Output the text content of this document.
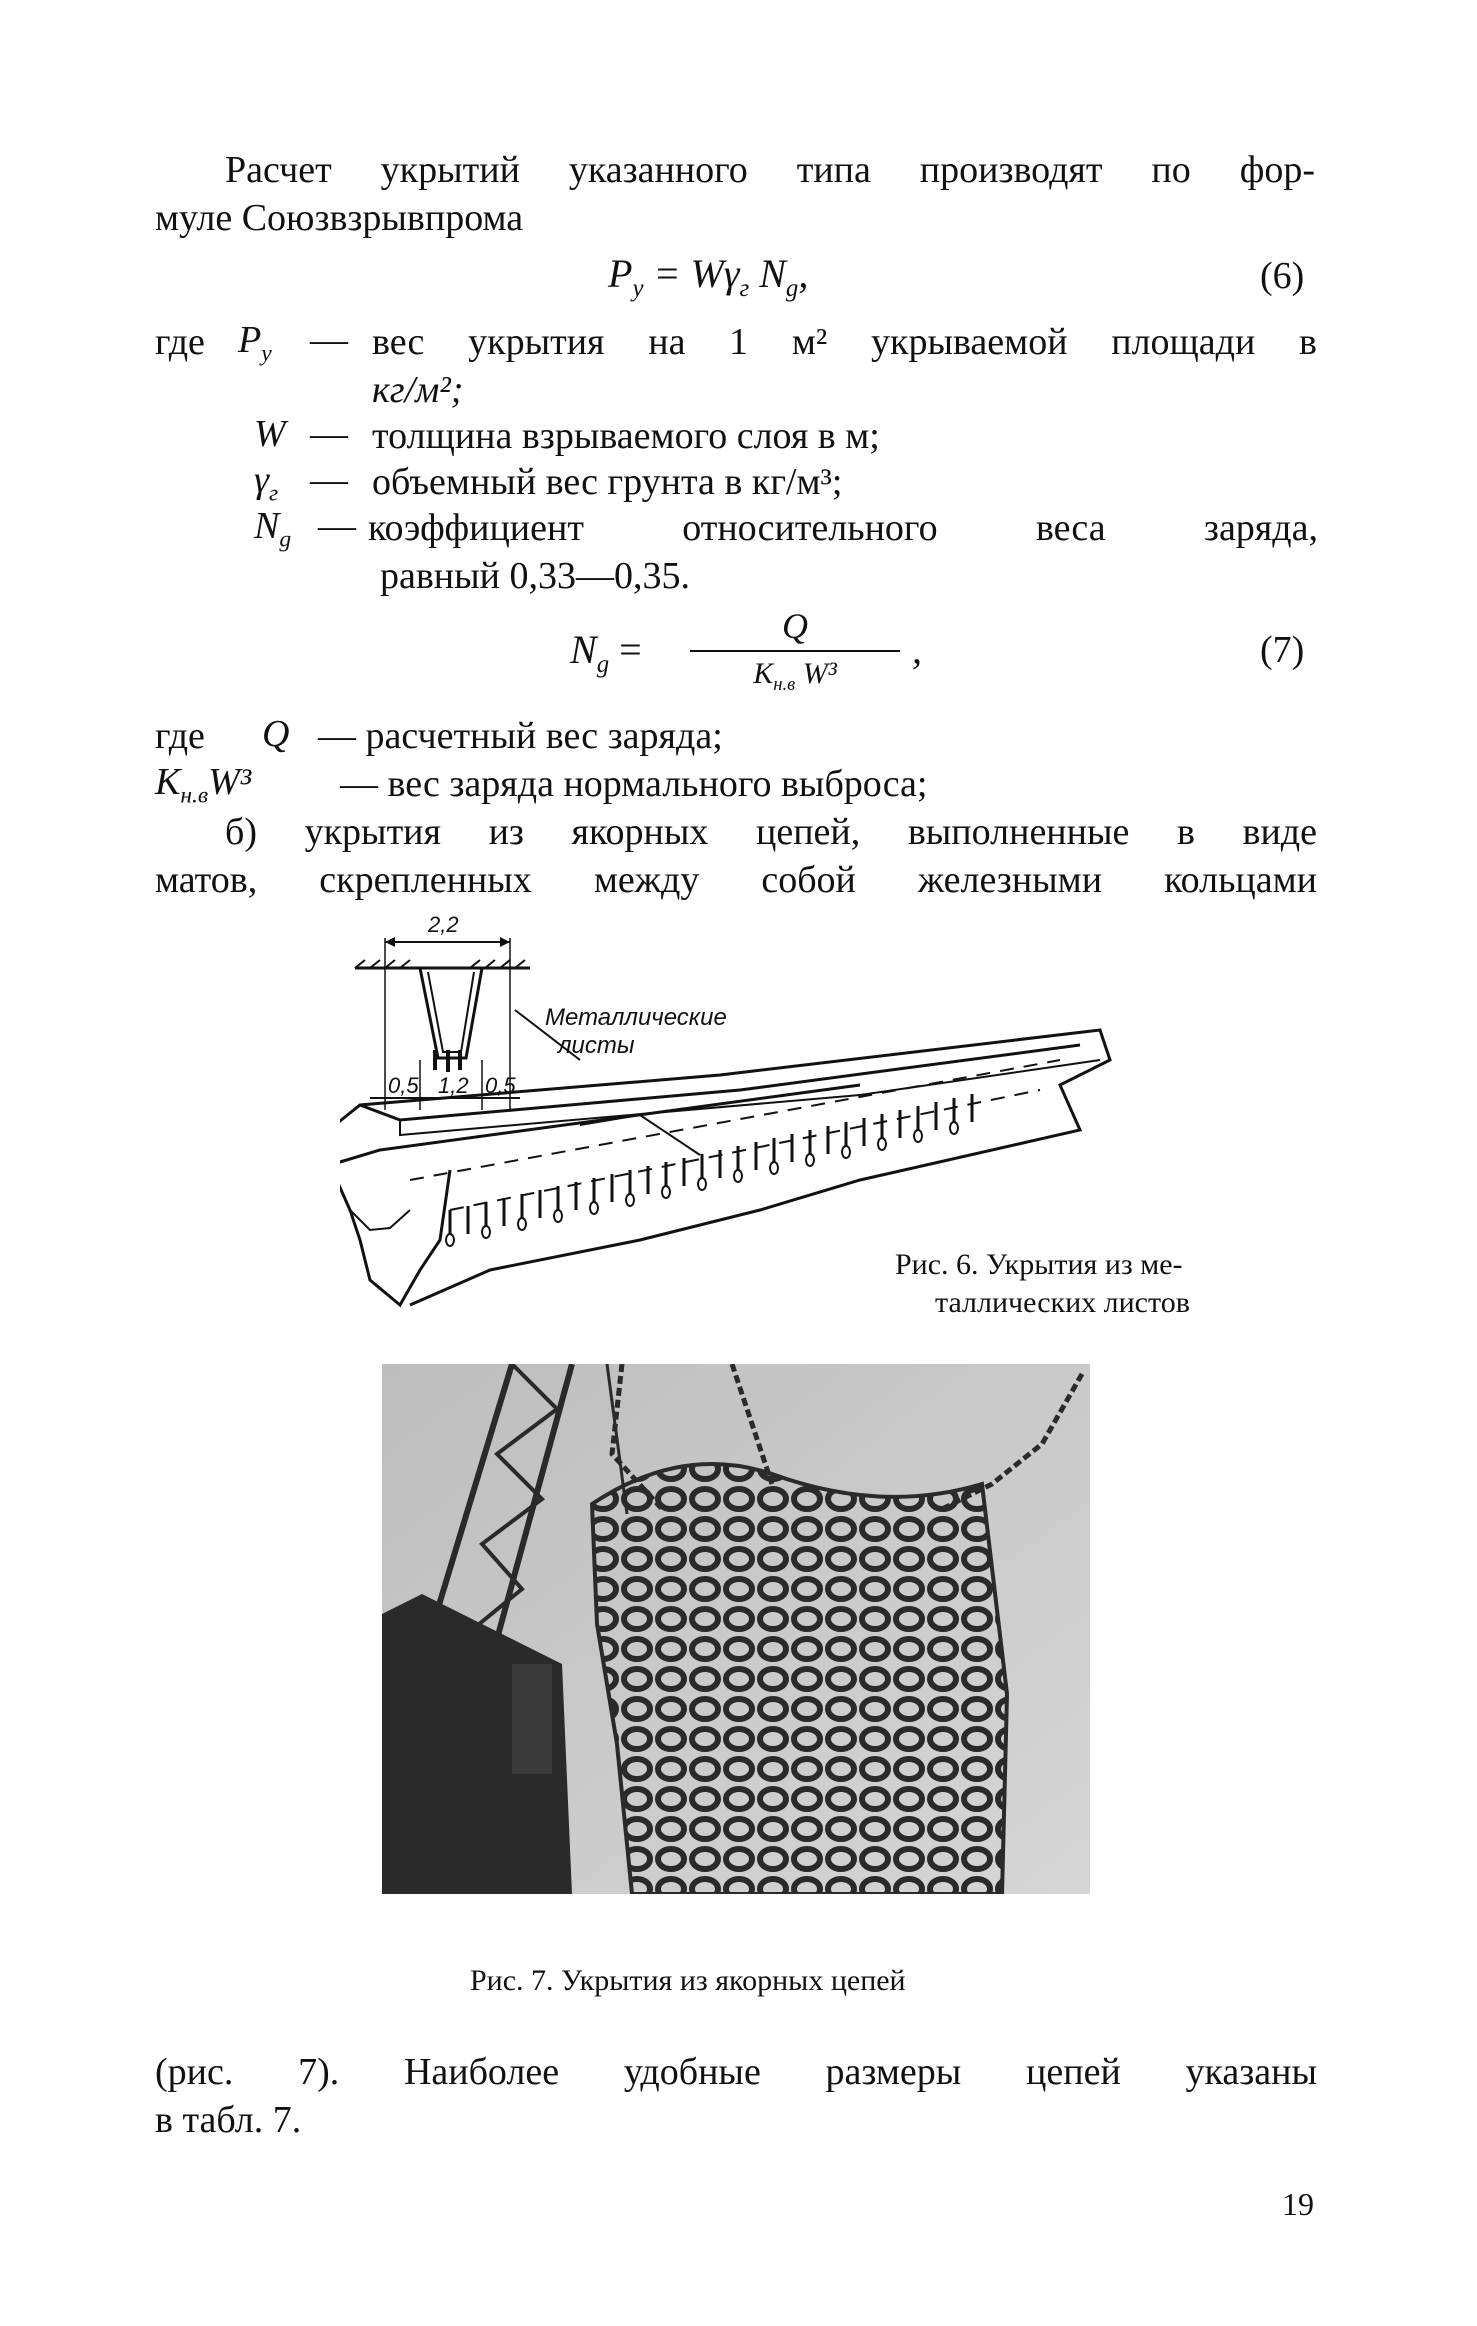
Расчет укрытий указанного типа производят по фор-
муле Союзвзрывпрома
$P_у = W\gamma_г$ $N_g$,	(6)
где $P_у$ — вес укрытия на 1 м² укрываемой площади в
кг/м²;
W — толщина взрываемого слоя в м;
$\gamma_г$ — объемный вес грунта в кг/м³;
$N_g$ — коэффициент относительного веса заряда,
равный 0,33—0,35.
$N_g$ =
Q
$K_{н.в}$ W³
,	(7)
где Q — расчетный вес заряда;
$K_{н.в}W^3$ — вес заряда нормального выброса;
б) укрытия из якорных цепей, выполненные в виде
матов, скрепленных между собой железными кольцами
2,2
0,5 1,2 0,5
Металлические
листы
Рис. 6. Укрытия из ме-
таллических листов
Рис. 7. Укрытия из якорных цепей
(рис. 7). Наиболее удобные размеры цепей указаны
в табл. 7.
19
